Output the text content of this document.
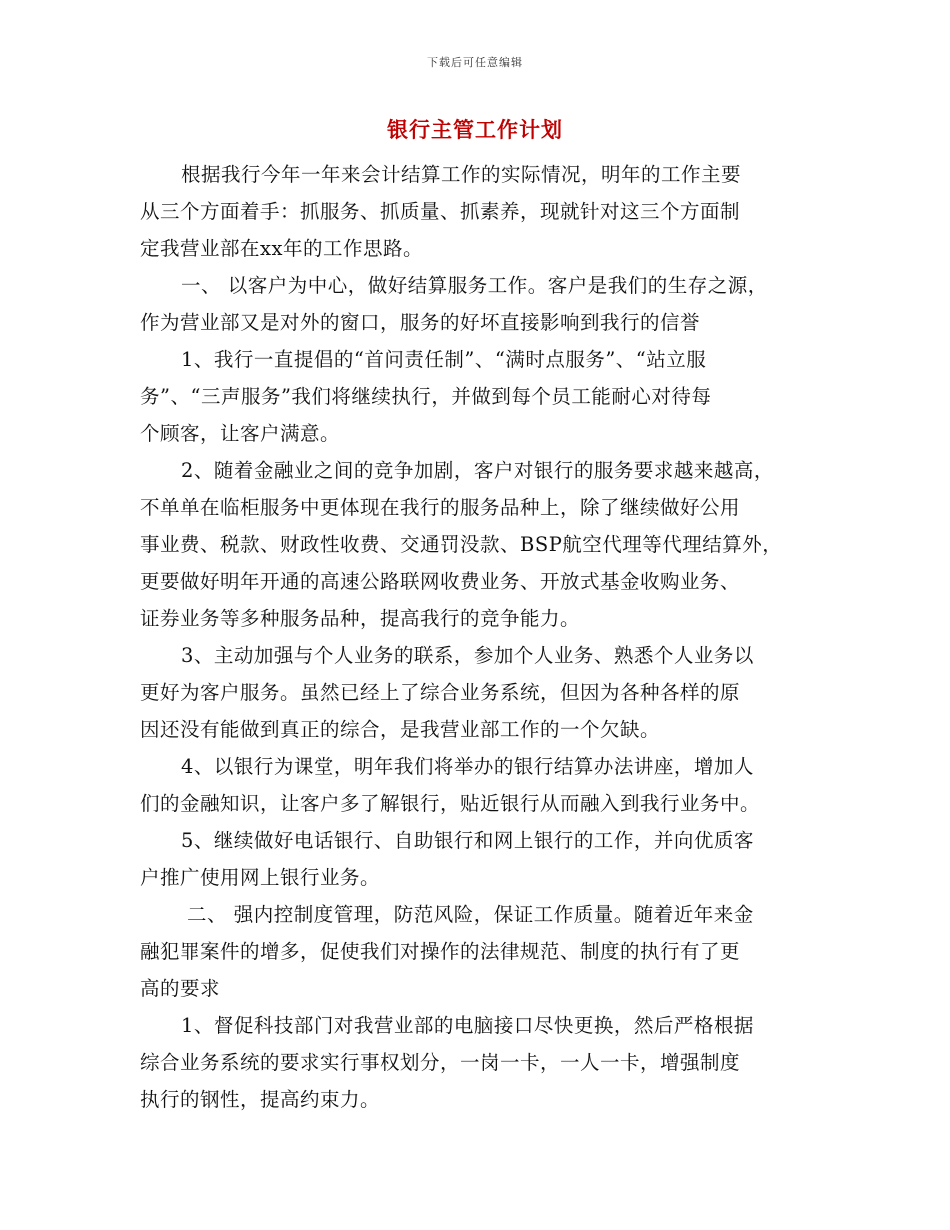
下载后可任意编辑
银行主管工作计划
根据我行今年一年来会计结算工作的实际情况，明年的工作主要
从三个方面着手：抓服务、抓质量、抓素养，现就针对这三个方面制
定我营业部在xx年的工作思路。
一、 以客户为中心，做好结算服务工作。客户是我们的生存之源，
作为营业部又是对外的窗口，服务的好坏直接影响到我行的信誉
1、我行一直提倡的“首问责任制”、“满时点服务”、“站立服
务”、“三声服务”我们将继续执行，并做到每个员工能耐心对待每
个顾客，让客户满意。
2、随着金融业之间的竞争加剧，客户对银行的服务要求越来越高，
不单单在临柜服务中更体现在我行的服务品种上，除了继续做好公用
事业费、税款、财政性收费、交通罚没款、BSP航空代理等代理结算外，
更要做好明年开通的高速公路联网收费业务、开放式基金收购业务、
证券业务等多种服务品种，提高我行的竞争能力。
3、主动加强与个人业务的联系，参加个人业务、熟悉个人业务以
更好为客户服务。虽然已经上了综合业务系统，但因为各种各样的原
因还没有能做到真正的综合，是我营业部工作的一个欠缺。
4、以银行为课堂，明年我们将举办的银行结算办法讲座，增加人
们的金融知识，让客户多了解银行，贴近银行从而融入到我行业务中。
5、继续做好电话银行、自助银行和网上银行的工作，并向优质客
户推广使用网上银行业务。
二、 强内控制度管理，防范风险，保证工作质量。随着近年来金
融犯罪案件的增多，促使我们对操作的法律规范、制度的执行有了更
高的要求
1、督促科技部门对我营业部的电脑接口尽快更换，然后严格根据
综合业务系统的要求实行事权划分，一岗一卡，一人一卡，增强制度
执行的钢性，提高约束力。
